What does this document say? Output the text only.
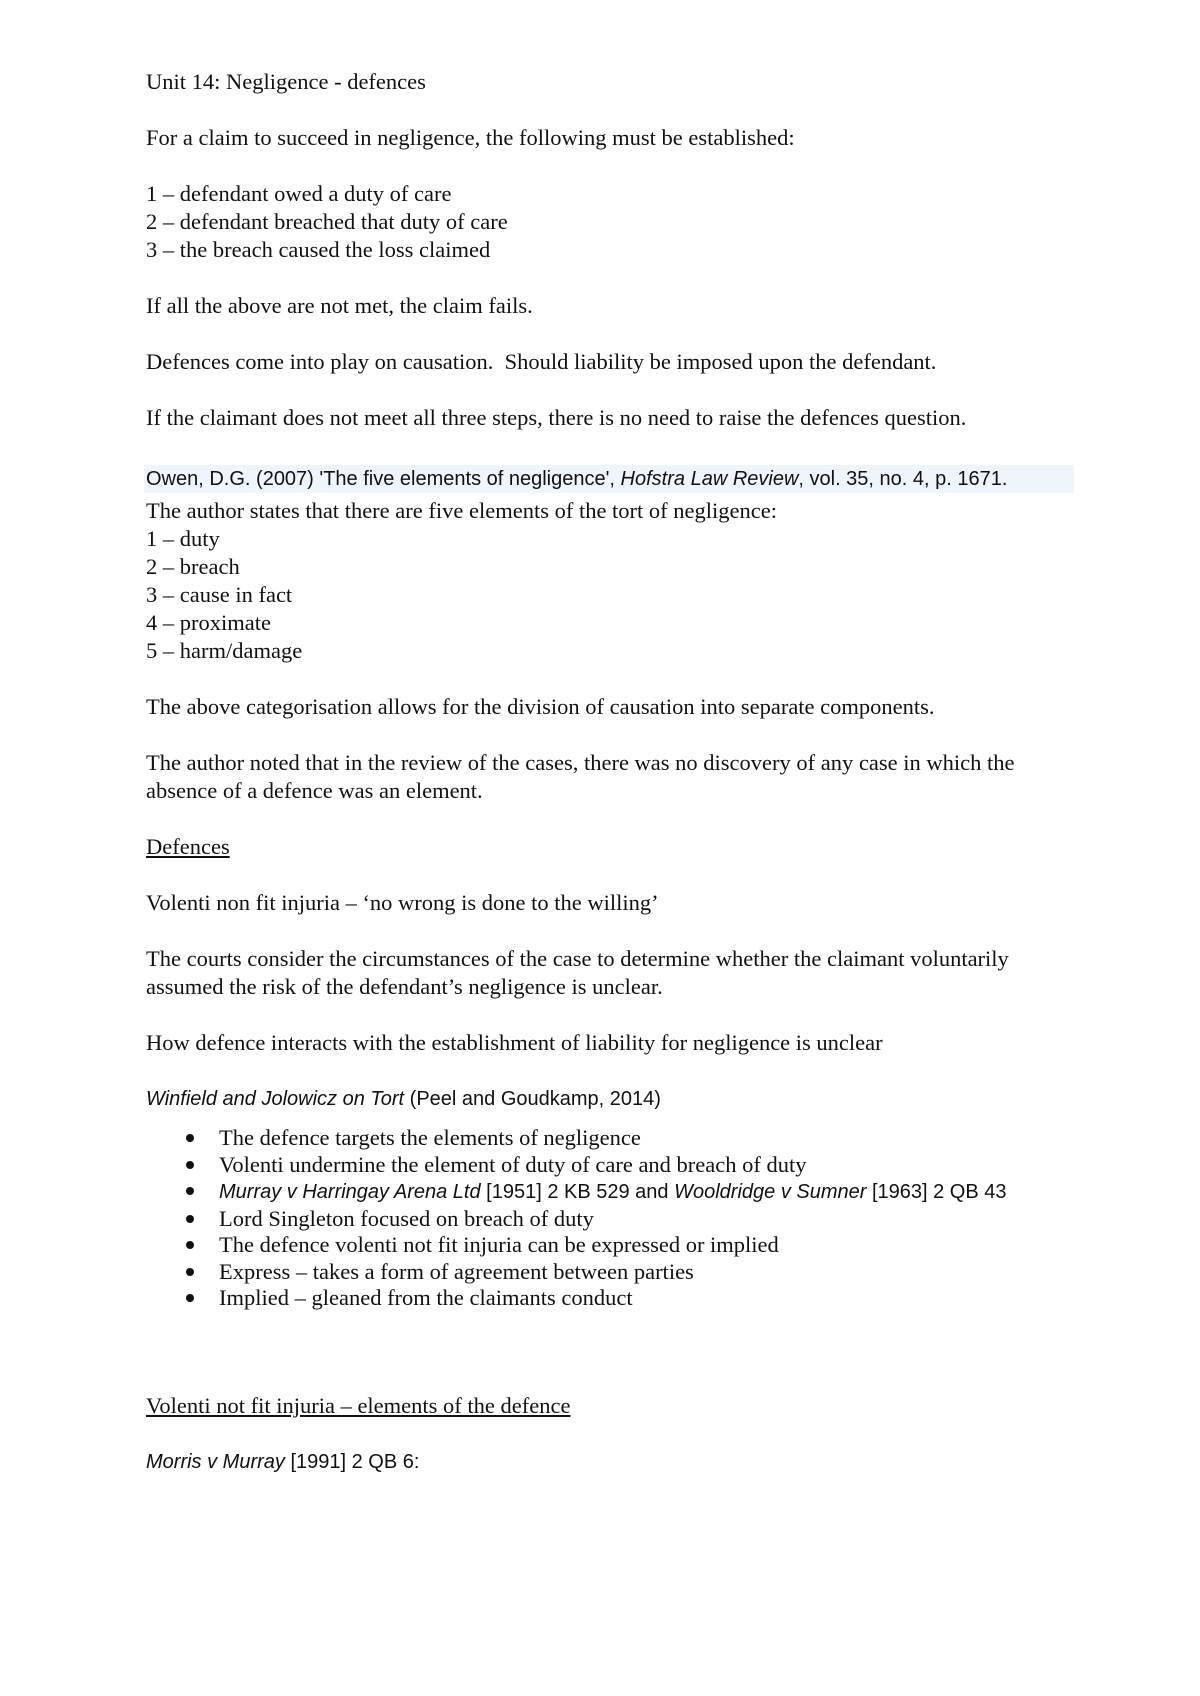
Unit 14: Negligence - defences

For a claim to succeed in negligence, the following must be established:

1 – defendant owed a duty of care

2 – defendant breached that duty of care

3 – the breach caused the loss claimed

If all the above are not met, the claim fails.

Defences come into play on causation.  Should liability be imposed upon the defendant.

If the claimant does not meet all three steps, there is no need to raise the defences question.

Owen, D.G. (2007) 'The five elements of negligence', Hofstra Law Review, vol. 35, no. 4, p. 1671.

The author states that there are five elements of the tort of negligence:

1 – duty

2 – breach

3 – cause in fact

4 – proximate

5 – harm/damage

The above categorisation allows for the division of causation into separate components.

The author noted that in the review of the cases, there was no discovery of any case in which the absence of a defence was an element.

Defences

Volenti non fit injuria – ‘no wrong is done to the willing’

The courts consider the circumstances of the case to determine whether the claimant voluntarily assumed the risk of the defendant’s negligence is unclear.

How defence interacts with the establishment of liability for negligence is unclear

Winfield and Jolowicz on Tort (Peel and Goudkamp, 2014)

The defence targets the elements of negligence
Volenti undermine the element of duty of care and breach of duty
Murray v Harringay Arena Ltd [1951] 2 KB 529 and Wooldridge v Sumner [1963] 2 QB 43
Lord Singleton focused on breach of duty
The defence volenti not fit injuria can be expressed or implied
Express – takes a form of agreement between parties
Implied – gleaned from the claimants conduct

Volenti not fit injuria – elements of the defence

Morris v Murray [1991] 2 QB 6:
